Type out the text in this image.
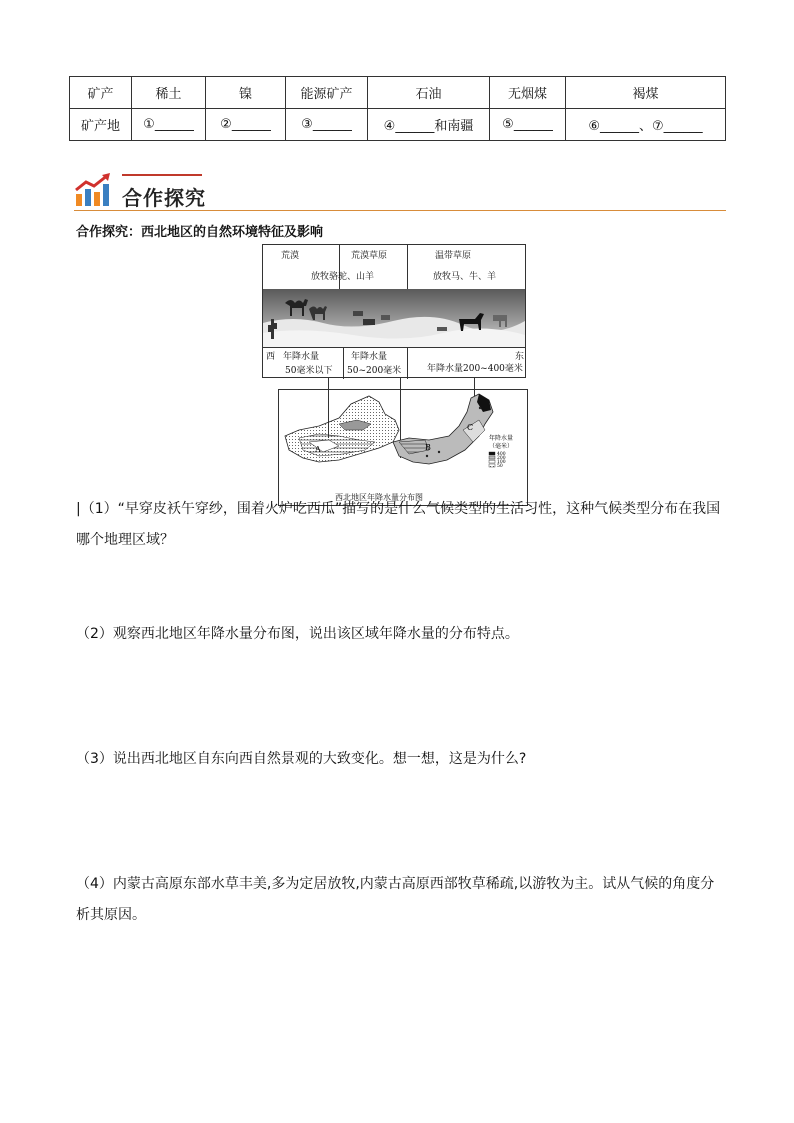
矿产	稀土	镍	能源矿产	石油	无烟煤	褐煤
矿产地	①______	②______	③______	④______和南疆	⑤______	⑥______、⑦______
合作探究
合作探究：西北地区的自然环境特征及影响
荒漠	荒漠草原	温带草原
放牧骆驼、山羊	放牧马、牛、羊
西 年降水量
50毫米以下
年降水量
50~200毫米
东
年降水量200~400毫米
A	B
C
年降水量
（毫米）
400
200
100
50
西北地区年降水量分布图
|（1）“早穿皮袄午穿纱，围着火炉吃西瓜”描写的是什么气候类型的生活习性，这种气候类型分布在我国哪个地理区域？
（2）观察西北地区年降水量分布图，说出该区域年降水量的分布特点。
（3）说出西北地区自东向西自然景观的大致变化。想一想，这是为什么?
（4）内蒙古高原东部水草丰美,多为定居放牧,内蒙古高原西部牧草稀疏,以游牧为主。试从气候的角度分析其原因。
